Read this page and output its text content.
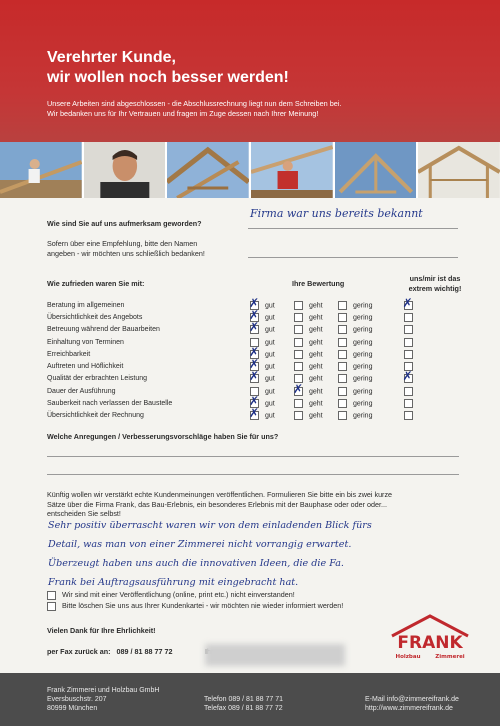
Verehrter Kunde,
wir wollen noch besser werden!
Unsere Arbeiten sind abgeschlossen - die Abschlussrechnung liegt nun dem Schreiben bei.
Wir bedanken uns für Ihr Vertrauen und fragen im Zuge dessen nach Ihrer Meinung!
Wie sind Sie auf uns aufmerksam geworden?
Firma war uns bereits bekannt
Sofern über eine Empfehlung, bitte den Namen
angeben - wir möchten uns schließlich bedanken!
Wie zufrieden waren Sie mit:	Ihre Bewertung
uns/mir ist das
extrem wichtig!
Beratung im allgemeinen	✗gut	geht	gering	✗
Übersichtlichkeit des Angebots	✗gut	geht	gering	
Betreuung während der Bauarbeiten	✗gut	geht	gering	
Einhaltung von Terminen	gut	geht	gering	
Erreichbarkeit	✗gut	geht	gering	
Auftreten und Höflichkeit	✗gut	geht	gering	
Qualität der erbrachten Leistung	✗gut	geht	gering	✗
Dauer der Ausführung	gut	✗geht	gering	
Sauberkeit nach verlassen der Baustelle	✗gut	geht	gering	
Übersichtlichkeit der Rechnung	✗gut	geht	gering	
Welche Anregungen / Verbesserungsvorschläge haben Sie für uns?
Künftig wollen wir verstärkt echte Kundenmeinungen veröffentlichen. Formulieren Sie bitte ein bis zwei kurze
Sätze über die Firma Frank, das Bau-Erlebnis, ein besonderes Erlebnis mit der Bauphase oder oder oder...
entscheiden Sie selbst!
Sehr positiv überrascht waren wir von dem einladenden Blick fürs
Detail, was man von einer Zimmerei nicht vorrangig erwartet.
Überzeugt haben uns auch die innovativen Ideen, die die Fa.
Frank bei Auftragsausführung mit eingebracht hat.
Wir sind mit einer Veröffentlichung (online, print etc.) nicht einverstanden!
Bitte löschen Sie uns aus Ihrer Kundenkartei - wir möchten nie wieder informiert werden!
Vielen Dank für Ihre Ehrlichkeit!
per Fax zurück an: 089 / 81 88 77 72	FRANK
Holzbau	Zimmerei
Frank Zimmerei und Holzbau GmbH
Eversbuschstr. 207
80999 München
Telefon 089 / 81 88 77 71
Telefax 089 / 81 88 77 72
E-Mail info@zimmereifrank.de
http://www.zimmereifrank.de
